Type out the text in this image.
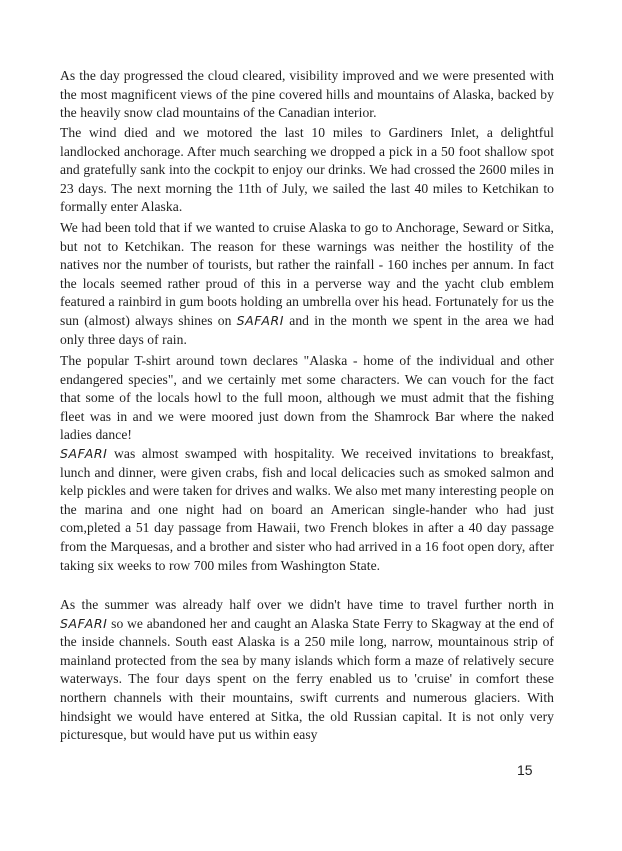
As the day progressed the cloud cleared, visibility improved and we were presented with the most magnificent views of the pine covered hills and mountains of Alaska, backed by the heavily snow clad mountains of the Canadian interior.

The wind died and we motored the last 10 miles to Gardiners Inlet, a delightful landlocked anchorage. After much searching we dropped a pick in a 50 foot shallow spot and gratefully sank into the cockpit to enjoy our drinks. We had crossed the 2600 miles in 23 days. The next morning the 11th of July, we sailed the last 40 miles to Ketchikan to formally enter Alaska.

We had been told that if we wanted to cruise Alaska to go to Anchorage, Seward or Sitka, but not to Ketchikan. The reason for these warnings was neither the hostility of the natives nor the number of tourists, but rather the rainfall - 160 inches per annum. In fact the locals seemed rather proud of this in a perverse way and the yacht club emblem featured a rainbird in gum boots holding an umbrella over his head. Fortunately for us the sun (almost) always shines on SAFARI and in the month we spent in the area we had only three days of rain.

The popular T-shirt around town declares "Alaska - home of the individual and other endangered species", and we certainly met some characters. We can vouch for the fact that some of the locals howl to the full moon, although we must admit that the fishing fleet was in and we were moored just down from the Shamrock Bar where the naked ladies dance!

SAFARI was almost swamped with hospitality. We received invitations to breakfast, lunch and dinner, were given crabs, fish and local delicacies such as smoked salmon and kelp pickles and were taken for drives and walks. We also met many interesting people on the marina and one night had on board an American single-hander who had just com,pleted a 51 day passage from Hawaii, two French blokes in after a 40 day passage from the Marquesas, and a brother and sister who had arrived in a 16 foot open dory, after taking six weeks to row 700 miles from Washington State.

As the summer was already half over we didn't have time to travel further north in SAFARI so we abandoned her and caught an Alaska State Ferry to Skagway at the end of the inside channels. South east Alaska is a 250 mile long, narrow, mountainous strip of mainland protected from the sea by many islands which form a maze of relatively secure waterways. The four days spent on the ferry enabled us to 'cruise' in comfort these northern channels with their mountains, swift currents and numerous glaciers. With hindsight we would have entered at Sitka, the old Russian capital. It is not only very picturesque, but would have put us within easy

15
